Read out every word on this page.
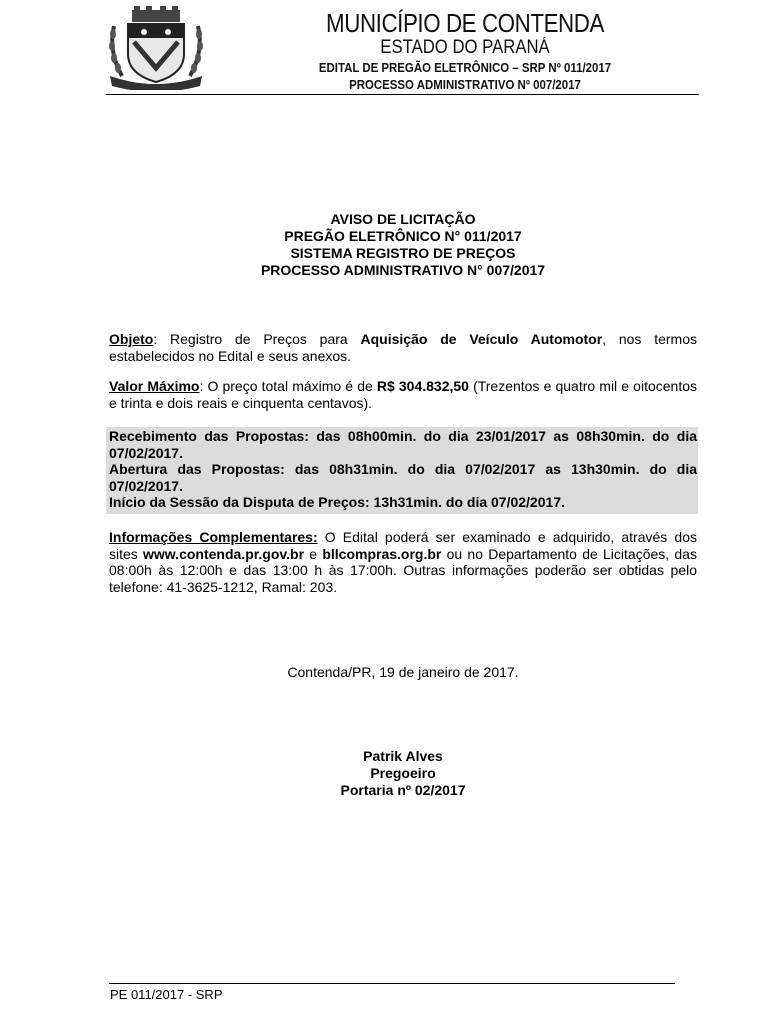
MUNICÍPIO DE CONTENDA
ESTADO DO PARANÁ
EDITAL DE PREGÃO ELETRÔNICO – SRP Nº 011/2017
PROCESSO ADMINISTRATIVO Nº 007/2017
AVISO DE LICITAÇÃO
PREGÃO ELETRÔNICO N° 011/2017
SISTEMA REGISTRO DE PREÇOS
PROCESSO ADMINISTRATIVO N° 007/2017
Objeto: Registro de Preços para Aquisição de Veículo Automotor, nos termos estabelecidos no Edital e seus anexos.
Valor Máximo: O preço total máximo é de R$ 304.832,50 (Trezentos e quatro mil e oitocentos e trinta e dois reais e cinquenta centavos).
Recebimento das Propostas: das 08h00min. do dia 23/01/2017 as 08h30min. do dia 07/02/2017.
Abertura das Propostas: das 08h31min. do dia 07/02/2017 as 13h30min. do dia 07/02/2017.
Início da Sessão da Disputa de Preços: 13h31min. do dia 07/02/2017.
Informações Complementares: O Edital poderá ser examinado e adquirido, através dos sites www.contenda.pr.gov.br e bllcompras.org.br ou no Departamento de Licitações, das 08:00h às 12:00h e das 13:00 h às 17:00h. Outras informações poderão ser obtidas pelo telefone: 41-3625-1212, Ramal: 203.
Contenda/PR, 19 de janeiro de 2017.
Patrik Alves
Pregoeiro
Portaria nº 02/2017
PE 011/2017 - SRP
